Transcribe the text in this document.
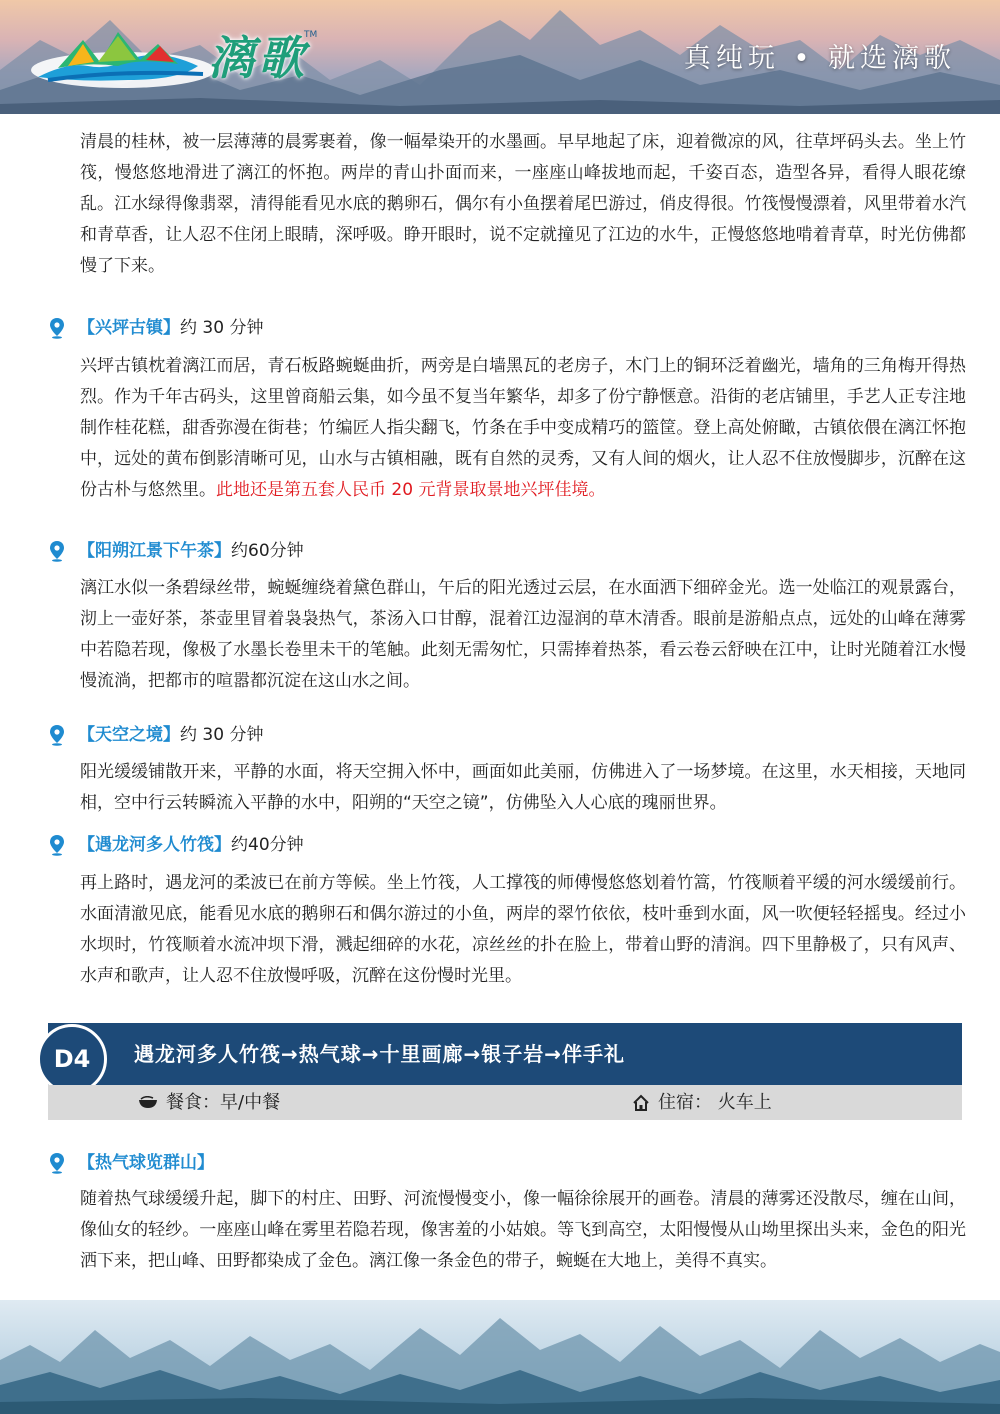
漓歌
TM
真纯玩 • 就选漓歌
清晨的桂林，被一层薄薄的晨雾裹着，像一幅晕染开的水墨画。早早地起了床，迎着微凉的风，往草坪码头去。坐上竹筏，慢悠悠地滑进了漓江的怀抱。两岸的青山扑面而来，一座座山峰拔地而起，千姿百态，造型各异，看得人眼花缭乱。江水绿得像翡翠，清得能看见水底的鹅卵石，偶尔有小鱼摆着尾巴游过，俏皮得很。竹筏慢慢漂着，风里带着水汽和青草香，让人忍不住闭上眼睛，深呼吸。睁开眼时，说不定就撞见了江边的水牛，正慢悠悠地啃着青草，时光仿佛都慢了下来。
【兴坪古镇】约 30 分钟
兴坪古镇枕着漓江而居，青石板路蜿蜒曲折，两旁是白墙黑瓦的老房子，木门上的铜环泛着幽光，墙角的三角梅开得热烈。作为千年古码头，这里曾商船云集，如今虽不复当年繁华，却多了份宁静惬意。沿街的老店铺里，手艺人正专注地制作桂花糕，甜香弥漫在街巷；竹编匠人指尖翻飞，竹条在手中变成精巧的篮筐。登上高处俯瞰，古镇依偎在漓江怀抱中，远处的黄布倒影清晰可见，山水与古镇相融，既有自然的灵秀，又有人间的烟火，让人忍不住放慢脚步，沉醉在这份古朴与悠然里。此地还是第五套人民币 20 元背景取景地兴坪佳境。
【阳朔江景下午茶】约60分钟
漓江水似一条碧绿丝带，蜿蜒缠绕着黛色群山，午后的阳光透过云层，在水面洒下细碎金光。选一处临江的观景露台，沏上一壶好茶，茶壶里冒着袅袅热气，茶汤入口甘醇，混着江边湿润的草木清香。眼前是游船点点，远处的山峰在薄雾中若隐若现，像极了水墨长卷里未干的笔触。此刻无需匆忙，只需捧着热茶，看云卷云舒映在江中，让时光随着江水慢慢流淌，把都市的喧嚣都沉淀在这山水之间。
【天空之境】约 30 分钟
阳光缓缓铺散开来，平静的水面，将天空拥入怀中，画面如此美丽，仿佛进入了一场梦境。在这里，水天相接，天地同相，空中行云转瞬流入平静的水中，阳朔的“天空之镜”，仿佛坠入人心底的瑰丽世界。
【遇龙河多人竹筏】约40分钟
再上路时，遇龙河的柔波已在前方等候。坐上竹筏，人工撑筏的师傅慢悠悠划着竹篙，竹筏顺着平缓的河水缓缓前行。水面清澈见底，能看见水底的鹅卵石和偶尔游过的小鱼，两岸的翠竹依依，枝叶垂到水面，风一吹便轻轻摇曳。经过小水坝时，竹筏顺着水流冲坝下滑，溅起细碎的水花，凉丝丝的扑在脸上，带着山野的清润。四下里静极了，只有风声、水声和歌声，让人忍不住放慢呼吸，沉醉在这份慢时光里。
遇龙河多人竹筏→热气球→十里画廊→银子岩→伴手礼
D4
餐食：早/中餐	住宿： 火车上
【热气球览群山】
随着热气球缓缓升起，脚下的村庄、田野、河流慢慢变小，像一幅徐徐展开的画卷。清晨的薄雾还没散尽，缠在山间，像仙女的轻纱。一座座山峰在雾里若隐若现，像害羞的小姑娘。等飞到高空，太阳慢慢从山坳里探出头来，金色的阳光洒下来，把山峰、田野都染成了金色。漓江像一条金色的带子，蜿蜒在大地上，美得不真实。
